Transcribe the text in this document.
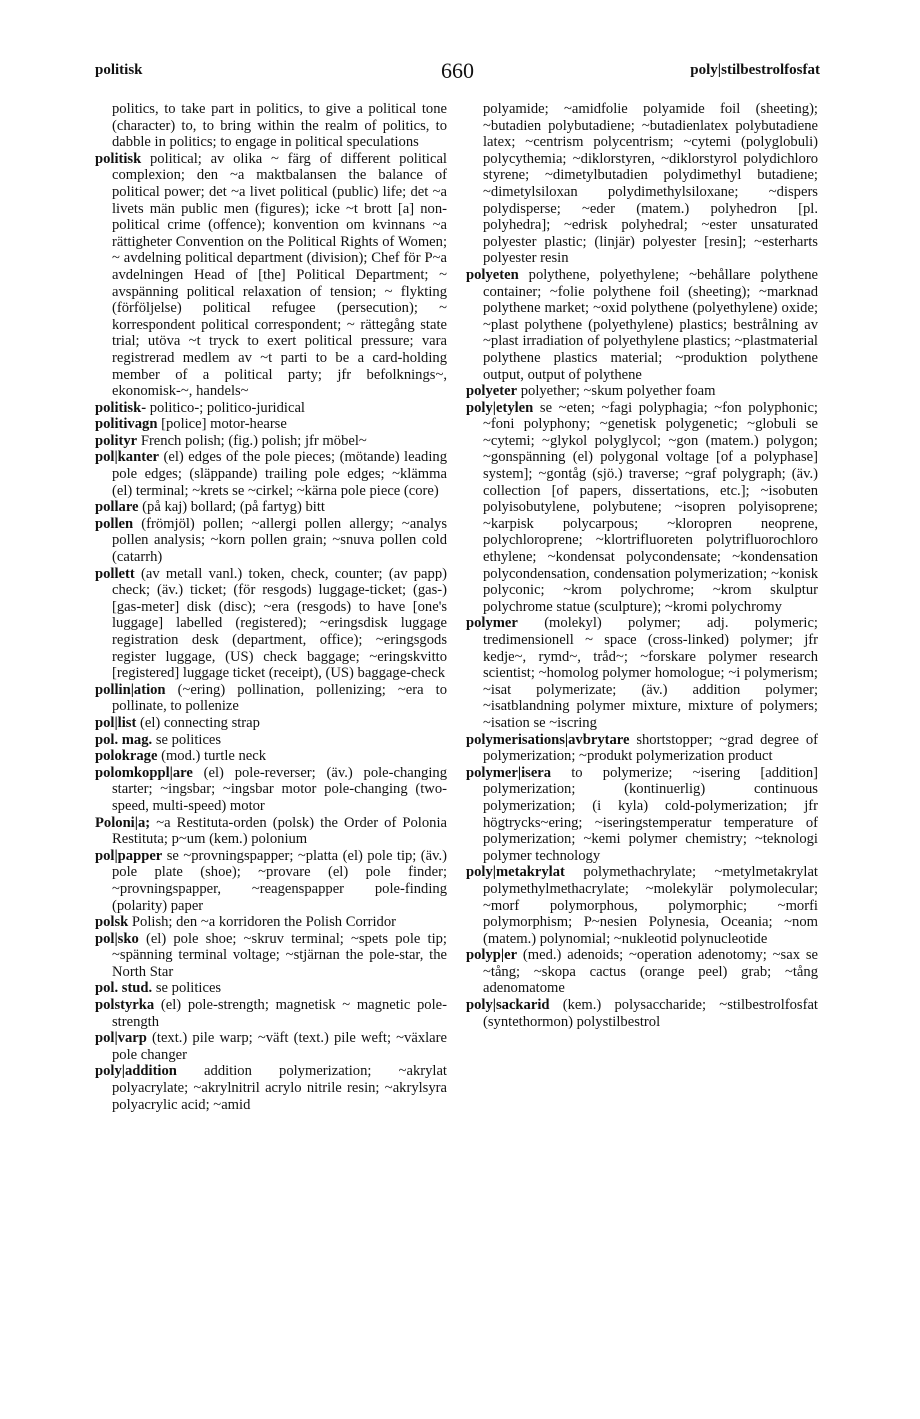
politisk	660	poly|stilbestrolfosfat

politics, to take part in politics, to give a political tone (character) to, to bring within the realm of politics, to dabble in politics; to engage in political speculations

politisk political; av olika ~ färg of different political complexion; den ~a maktbalansen the balance of political power; det ~a livet political (public) life; det ~a livets män public men (figures); icke ~t brott [a] non-political crime (offence); konvention om kvinnans ~a rättigheter Convention on the Political Rights of Women; ~ avdelning political department (division); Chef för P~a avdelningen Head of [the] Political Department; ~ avspänning political relaxation of tension; ~ flykting (förföljelse) political refugee (persecution); ~ korrespondent political correspondent; ~ rättegång state trial; utöva ~t tryck to exert political pressure; vara registrerad medlem av ~t parti to be a card-holding member of a political party; jfr befolknings~, ekonomisk-~, handels~

politisk- politico-; politico-juridical

politivagn [police] motor-hearse

polityr French polish; (fig.) polish; jfr möbel~

pol|kanter (el) edges of the pole pieces; (mötande) leading pole edges; (släppande) trailing pole edges; ~klämma (el) terminal; ~krets se ~cirkel; ~kärna pole piece (core)

pollare (på kaj) bollard; (på fartyg) bitt

pollen (frömjöl) pollen; ~allergi pollen allergy; ~analys pollen analysis; ~korn pollen grain; ~snuva pollen cold (catarrh)

pollett (av metall vanl.) token, check, counter; (av papp) check; (äv.) ticket; (för resgods) luggage-ticket; (gas-) [gas-meter] disk (disc); ~era (resgods) to have [one's luggage] labelled (registered); ~eringsdisk luggage registration desk (department, office); ~eringsgods register luggage, (US) check baggage; ~eringskvitto [registered] luggage ticket (receipt), (US) baggage-check

pollin|ation (~ering) pollination, pollenizing; ~era to pollinate, to pollenize

pol|list (el) connecting strap

pol. mag. se politices

polokrage (mod.) turtle neck

polomkoppl|are (el) pole-reverser; (äv.) pole-changing starter; ~ingsbar; ~ingsbar motor pole-changing (two-speed, multi-speed) motor

Poloni|a; ~a Restituta-orden (polsk) the Order of Polonia Restituta; p~um (kem.) polonium

pol|papper se ~provningspapper; ~platta (el) pole tip; (äv.) pole plate (shoe); ~provare (el) pole finder; ~provningspapper, ~reagenspapper pole-finding (polarity) paper

polsk Polish; den ~a korridoren the Polish Corridor

pol|sko (el) pole shoe; ~skruv terminal; ~spets pole tip; ~spänning terminal voltage; ~stjärnan the pole-star, the North Star

pol. stud. se politices

polstyrka (el) pole-strength; magnetisk ~ magnetic pole-strength

pol|varp (text.) pile warp; ~väft (text.) pile weft; ~växlare pole changer

poly|addition addition polymerization; ~akrylat polyacrylate; ~akrylnitril acrylo nitrile resin; ~akrylsyra polyacrylic acid; ~amid

polyamide; ~amidfolie polyamide foil (sheeting); ~butadien polybutadiene; ~butadienlatex polybutadiene latex; ~centrism polycentrism; ~cytemi (polyglobuli) polycythemia; ~diklorstyren, ~diklorstyrol polydichloro styrene; ~dimetylbutadien polydimethyl butadiene; ~dimetylsiloxan polydimethylsiloxane; ~dispers polydisperse; ~eder (matem.) polyhedron [pl. polyhedra]; ~edrisk polyhedral; ~ester unsaturated polyester plastic; (linjär) polyester [resin]; ~esterharts polyester resin

polyeten polythene, polyethylene; ~behållare polythene container; ~folie polythene foil (sheeting); ~marknad polythene market; ~oxid polythene (polyethylene) oxide; ~plast polythene (polyethylene) plastics; bestrålning av ~plast irradiation of polyethylene plastics; ~plastmaterial polythene plastics material; ~produktion polythene output, output of polythene

polyeter polyether; ~skum polyether foam

poly|etylen se ~eten; ~fagi polyphagia; ~fon polyphonic; ~foni polyphony; ~genetisk polygenetic; ~globuli se ~cytemi; ~glykol polyglycol; ~gon (matem.) polygon; ~gonspänning (el) polygonal voltage [of a polyphase] system]; ~gontåg (sjö.) traverse; ~graf polygraph; (äv.) collection [of papers, dissertations, etc.]; ~isobuten polyisobutylene, polybutene; ~isopren polyisoprene; ~karpisk polycarpous; ~kloropren neoprene, polychloroprene; ~klortrifluoreten polytrifluorochloro ethylene; ~kondensat polycondensate; ~kondensation polycondensation, condensation polymerization; ~konisk polyconic; ~krom polychrome; ~krom skulptur polychrome statue (sculpture); ~kromi polychromy

polymer (molekyl) polymer; adj. polymeric; tredimensionell ~ space (cross-linked) polymer; jfr kedje~, rymd~, tråd~; ~forskare polymer research scientist; ~homolog polymer homologue; ~i polymerism; ~isat polymerizate; (äv.) addition polymer; ~isatblandning polymer mixture, mixture of polymers; ~isation se ~iscring

polymerisations|avbrytare shortstopper; ~grad degree of polymerization; ~produkt polymerization product

polymer|isera to polymerize; ~isering [addition] polymerization; (kontinuerlig) continuous polymerization; (i kyla) cold-polymerization; jfr högtrycks~ering; ~iseringstemperatur temperature of polymerization; ~kemi polymer chemistry; ~teknologi polymer technology

poly|metakrylat polymethachrylate; ~metylmetakrylat polymethylmethacrylate; ~molekylär polymolecular; ~morf polymorphous, polymorphic; ~morfi polymorphism; P~nesien Polynesia, Oceania; ~nom (matem.) polynomial; ~nukleotid polynucleotide

polyp|er (med.) adenoids; ~operation adenotomy; ~sax se ~tång; ~skopa cactus (orange peel) grab; ~tång adenomatome

poly|sackarid (kem.) polysaccharide; ~stilbestrolfosfat (syntethormon) polystilbestrol
